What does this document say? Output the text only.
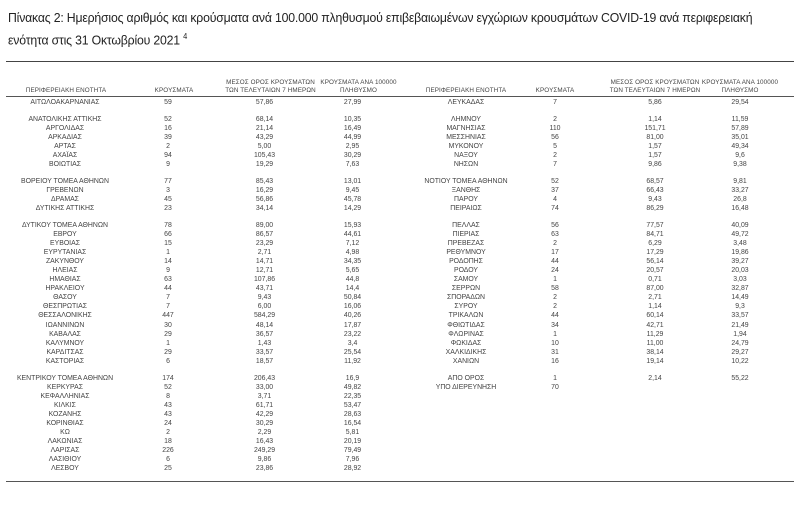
Πίνακας 2: Ημερήσιος αριθμός και κρούσματα ανά 100.000 πληθυσμού επιβεβαιωμένων εγχώριων κρουσμάτων COVID-19 ανά περιφερειακή
ενότητα στις 31 Οκτωβρίου 2021 $^4$
ΠΕΡΙΦΕΡΕΙΑΚΗ ΕΝΟΤΗΤΑ	ΚΡΟΥΣΜΑΤΑ
ΜΕΣΟΣ ΟΡΟΣ ΚΡΟΥΣΜΑΤΩΝ
ΤΩΝ ΤΕΛΕΥΤΑΙΩΝ 7 ΗΜΕΡΩΝ
ΚΡΟΥΣΜΑΤΑ ΑΝΑ 100000
ΠΛΗΘΥΣΜΟ
ΑΙΤΩΛΟΑΚΑΡΝΑΝΙΑΣ	59	57,86	27,99
ΑΝΑΤΟΛΙΚΗΣ ΑΤΤΙΚΗΣ	52	68,14	10,35
ΑΡΓΟΛΙΔΑΣ	16	21,14	16,49
ΑΡΚΑΔΙΑΣ	39	43,29	44,99
ΑΡΤΑΣ	2	5,00	2,95
ΑΧΑΪΑΣ	94	105,43	30,29
ΒΟΙΩΤΙΑΣ	9	19,29	7,63
ΒΟΡΕΙΟΥ ΤΟΜΕΑ ΑΘΗΝΩΝ	77	85,43	13,01
ΓΡΕΒΕΝΩΝ	3	16,29	9,45
ΔΡΑΜΑΣ	45	56,86	45,78
ΔΥΤΙΚΗΣ ΑΤΤΙΚΗΣ	23	34,14	14,29
ΔΥΤΙΚΟΥ ΤΟΜΕΑ ΑΘΗΝΩΝ	78	89,00	15,93
ΕΒΡΟΥ	66	86,57	44,61
ΕΥΒΟΙΑΣ	15	23,29	7,12
ΕΥΡΥΤΑΝΙΑΣ	1	2,71	4,98
ΖΑΚΥΝΘΟΥ	14	14,71	34,35
ΗΛΕΙΑΣ	9	12,71	5,65
ΗΜΑΘΙΑΣ	63	107,86	44,8
ΗΡΑΚΛΕΙΟΥ	44	43,71	14,4
ΘΑΣΟΥ	7	9,43	50,84
ΘΕΣΠΡΩΤΙΑΣ	7	6,00	16,06
ΘΕΣΣΑΛΟΝΙΚΗΣ	447	584,29	40,26
ΙΩΑΝΝΙΝΩΝ	30	48,14	17,87
ΚΑΒΑΛΑΣ	29	36,57	23,22
ΚΑΛΥΜΝΟΥ	1	1,43	3,4
ΚΑΡΔΙΤΣΑΣ	29	33,57	25,54
ΚΑΣΤΟΡΙΑΣ	6	18,57	11,92
ΚΕΝΤΡΙΚΟΥ ΤΟΜΕΑ ΑΘΗΝΩΝ	174	206,43	16,9
ΚΕΡΚΥΡΑΣ	52	33,00	49,82
ΚΕΦΑΛΛΗΝΙΑΣ	8	3,71	22,35
ΚΙΛΚΙΣ	43	61,71	53,47
ΚΟΖΑΝΗΣ	43	42,29	28,63
ΚΟΡΙΝΘΙΑΣ	24	30,29	16,54
ΚΩ	2	2,29	5,81
ΛΑΚΩΝΙΑΣ	18	16,43	20,19
ΛΑΡΙΣΑΣ	226	249,29	79,49
ΛΑΣΙΘΙΟΥ	6	9,86	7,96
ΛΕΣΒΟΥ	25	23,86	28,92
ΠΕΡΙΦΕΡΕΙΑΚΗ ΕΝΟΤΗΤΑ	ΚΡΟΥΣΜΑΤΑ
ΜΕΣΟΣ ΟΡΟΣ ΚΡΟΥΣΜΑΤΩΝ
ΤΩΝ ΤΕΛΕΥΤΑΙΩΝ 7 ΗΜΕΡΩΝ
ΚΡΟΥΣΜΑΤΑ ΑΝΑ 100000
ΠΛΗΘΥΣΜΟ
ΛΕΥΚΑΔΑΣ	7	5,86	29,54
ΛΗΜΝΟΥ	2	1,14	11,59
ΜΑΓΝΗΣΙΑΣ	110	151,71	57,89
ΜΕΣΣΗΝΙΑΣ	56	81,00	35,01
ΜΥΚΟΝΟΥ	5	1,57	49,34
ΝΑΞΟΥ	2	1,57	9,6
ΝΗΣΩΝ	7	9,86	9,38
ΝΟΤΙΟΥ ΤΟΜΕΑ ΑΘΗΝΩΝ	52	68,57	9,81
ΞΑΝΘΗΣ	37	66,43	33,27
ΠΑΡΟΥ	4	9,43	26,8
ΠΕΙΡΑΙΩΣ	74	86,29	16,48
ΠΕΛΛΑΣ	56	77,57	40,09
ΠΙΕΡΙΑΣ	63	84,71	49,72
ΠΡΕΒΕΖΑΣ	2	6,29	3,48
ΡΕΘΥΜΝΟΥ	17	17,29	19,86
ΡΟΔΟΠΗΣ	44	56,14	39,27
ΡΟΔΟΥ	24	20,57	20,03
ΣΑΜΟΥ	1	0,71	3,03
ΣΕΡΡΩΝ	58	87,00	32,87
ΣΠΟΡΑΔΩΝ	2	2,71	14,49
ΣΥΡΟΥ	2	1,14	9,3
ΤΡΙΚΑΛΩΝ	44	60,14	33,57
ΦΘΙΩΤΙΔΑΣ	34	42,71	21,49
ΦΛΩΡΙΝΑΣ	1	11,29	1,94
ΦΩΚΙΔΑΣ	10	11,00	24,79
ΧΑΛΚΙΔΙΚΗΣ	31	38,14	29,27
ΧΑΝΙΩΝ	16	19,14	10,22
ΑΠΟ ΟΡΟΣ	1	2,14	55,22
ΥΠΟ ΔΙΕΡΕΥΝΗΣΗ	70
